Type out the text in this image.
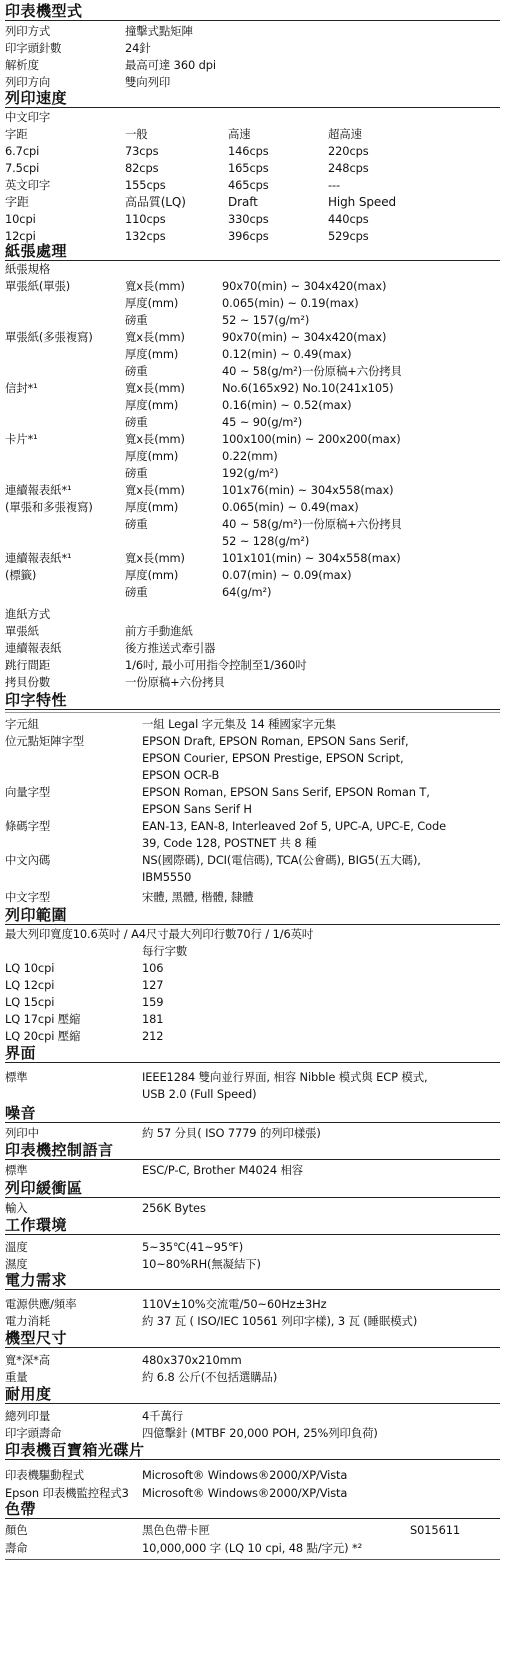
印表機型式
列印方式	撞擊式點矩陣
印字頭針數	24針
解析度	最高可達 360 dpi
列印方向	雙向列印
列印速度
中文印字
字距	一般	高速	超高速
6.7cpi	73cps	146cps	220cps
7.5cpi	82cps	165cps	248cps
英文印字	155cps	465cps	---
字距	高品質(LQ)	Draft	High Speed
10cpi	110cps	330cps	440cps
12cpi	132cps	396cps	529cps
紙張處理
紙張規格
單張紙(單張)	寬x長(mm)	90x70(min) ~ 304x420(max)
厚度(mm)	0.065(min) ~ 0.19(max)
磅重	52 ~ 157(g/m²)
單張紙(多張複寫)	寬x長(mm)	90x70(min) ~ 304x420(max)
厚度(mm)	0.12(min) ~ 0.49(max)
磅重	40 ~ 58(g/m²)一份原稿+六份拷貝
信封*¹	寬x長(mm)	No.6(165x92) No.10(241x105)
厚度(mm)	0.16(min) ~ 0.52(max)
磅重	45 ~ 90(g/m²)
卡片*¹	寬x長(mm)	100x100(min) ~ 200x200(max)
厚度(mm)	0.22(mm)
磅重	192(g/m²)
連續報表紙*¹
(單張和多張複寫)
寬x長(mm)	101x76(min) ~ 304x558(max)
厚度(mm)	0.065(min) ~ 0.49(max)
磅重	40 ~ 58(g/m²)一份原稿+六份拷貝
52 ~ 128(g/m²)
連續報表紙*¹
(標籤)
寬x長(mm)	101x101(min) ~ 304x558(max)
厚度(mm)	0.07(min) ~ 0.09(max)
磅重	64(g/m²)
進紙方式
單張紙	前方手動進紙
連續報表紙	後方推送式牽引器
跳行間距	1/6吋, 最小可用指令控制至1/360吋
拷貝份數	一份原稿+六份拷貝
印字特性
字元組	一組 Legal 字元集及 14 種國家字元集
位元點矩陣字型	EPSON Draft, EPSON Roman, EPSON Sans Serif,
EPSON Courier, EPSON Prestige, EPSON Script,
EPSON OCR-B
向量字型	EPSON Roman, EPSON Sans Serif, EPSON Roman T,
EPSON Sans Serif H
條碼字型	EAN-13, EAN-8, Interleaved 2of 5, UPC-A, UPC-E, Code
39, Code 128, POSTNET 共 8 種
中文內碼	NS(國際碼), DCI(電信碼), TCA(公會碼), BIG5(五大碼),
IBM5550
中文字型	宋體, 黑體, 楷體, 隸體
列印範圍
最大列印寬度10.6英吋 / A4尺寸最大列印行數70行 / 1/6英吋
每行字數
LQ 10cpi	106
LQ 12cpi	127
LQ 15cpi	159
LQ 17cpi 壓縮	181
LQ 20cpi 壓縮	212
界面
標準	IEEE1284 雙向並行界面, 相容 Nibble 模式與 ECP 模式,
USB 2.0 (Full Speed)
噪音
列印中	約 57 分貝( ISO 7779 的列印樣張)
印表機控制語言
標準	ESC/P-C, Brother M4024 相容
列印緩衝區
輸入	256K Bytes
工作環境
溫度	5~35℃(41~95℉)
濕度	10~80%RH(無凝結下)
電力需求
電源供應/頻率	110V±10%交流電/50~60Hz±3Hz
電力消耗	約 37 瓦 ( ISO/IEC 10561 列印字樣), 3 瓦 (睡眠模式)
機型尺寸
寬*深*高	480x370x210mm
重量	約 6.8 公斤(不包括選購品)
耐用度
總列印量	4千萬行
印字頭壽命	四億擊針 (MTBF 20,000 POH, 25%列印負荷)
印表機百寶箱光碟片
印表機驅動程式	Microsoft® Windows®2000/XP/Vista
Epson 印表機監控程式3 Microsoft® Windows®2000/XP/Vista
色帶
顏色	黑色色帶卡匣	S015611
壽命	10,000,000 字 (LQ 10 cpi, 48 點/字元) *²
